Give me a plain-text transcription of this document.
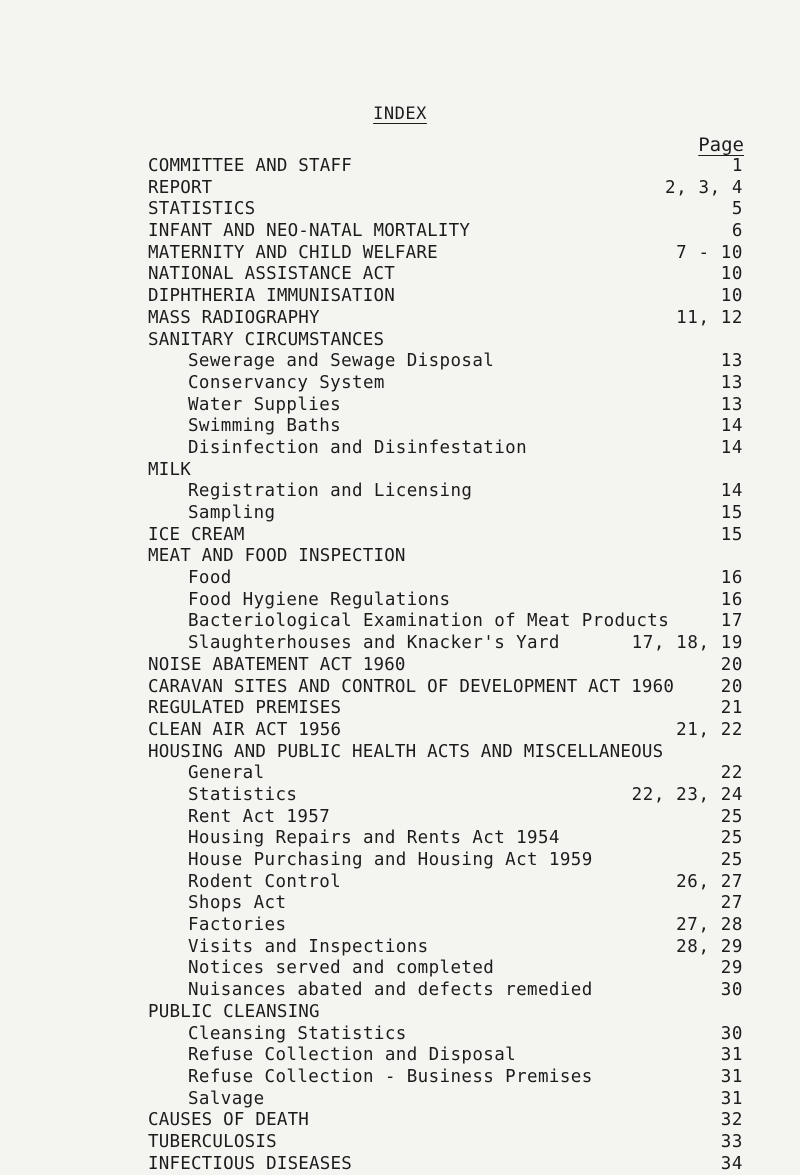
INDEX
Page
COMMITTEE AND STAFF	1
REPORT	2, 3, 4
STATISTICS	5
INFANT AND NEO-NATAL MORTALITY	6
MATERNITY AND CHILD WELFARE	7 - 10
NATIONAL ASSISTANCE ACT	10
DIPHTHERIA IMMUNISATION	10
MASS RADIOGRAPHY	11, 12
SANITARY CIRCUMSTANCES
Sewerage and Sewage Disposal	13
Conservancy System	13
Water Supplies	13
Swimming Baths	14
Disinfection and Disinfestation	14
MILK
Registration and Licensing	14
Sampling	15
ICE CREAM	15
MEAT AND FOOD INSPECTION
Food	16
Food Hygiene Regulations	16
Bacteriological Examination of Meat Products	17
Slaughterhouses and Knacker's Yard	17, 18, 19
NOISE ABATEMENT ACT 1960	20
CARAVAN SITES AND CONTROL OF DEVELOPMENT ACT 1960	20
REGULATED PREMISES	21
CLEAN AIR ACT 1956	21, 22
HOUSING AND PUBLIC HEALTH ACTS AND MISCELLANEOUS
General	22
Statistics	22, 23, 24
Rent Act 1957	25
Housing Repairs and Rents Act 1954	25
House Purchasing and Housing Act 1959	25
Rodent Control	26, 27
Shops Act	27
Factories	27, 28
Visits and Inspections	28, 29
Notices served and completed	29
Nuisances abated and defects remedied	30
PUBLIC CLEANSING
Cleansing Statistics	30
Refuse Collection and Disposal	31
Refuse Collection - Business Premises	31
Salvage	31
CAUSES OF DEATH	32
TUBERCULOSIS	33
INFECTIOUS DISEASES	34
